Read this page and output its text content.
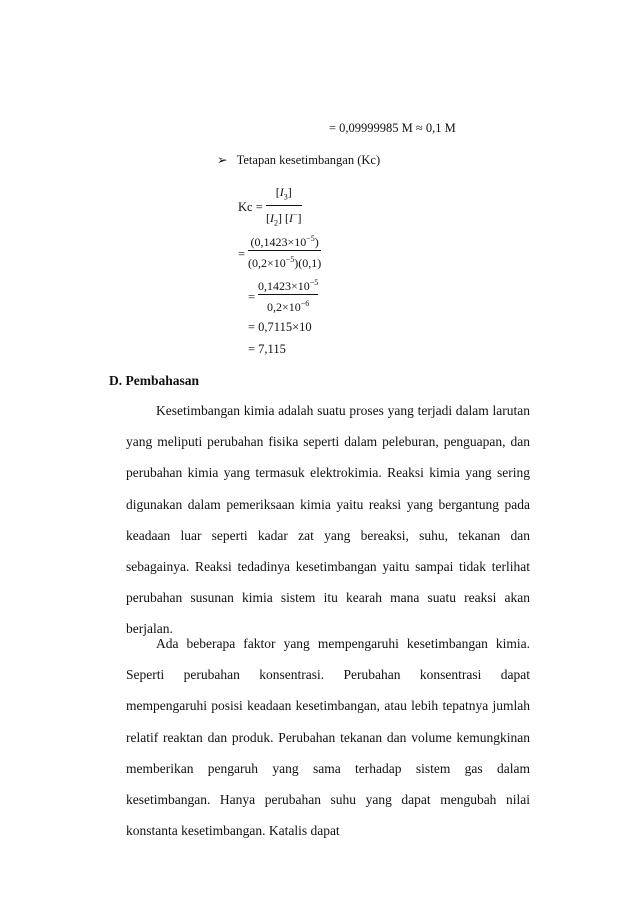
= 0,09999985 M ≈ 0,1 M
➢ Tetapan kesetimbangan (Kc)
Kc =
$[I_3]$
$[I_2]$ [I−]
=
$(0,1423\times 10^{-5})$
$(0,2\times 10^{-5})(0,1)$
=
$0,1423\times 10^{-5}$
$0,2\times 10^{-6}$
= 0,7115×10
= 7,115
D. Pembahasan
Kesetimbangan kimia adalah suatu proses yang terjadi dalam larutan yang meliputi perubahan fisika seperti dalam peleburan, penguapan, dan perubahan kimia yang termasuk elektrokimia. Reaksi kimia yang sering digunakan dalam pemeriksaan kimia yaitu reaksi yang bergantung pada keadaan luar seperti kadar zat yang bereaksi, suhu, tekanan dan sebagainya. Reaksi tedadinya kesetimbangan yaitu sampai tidak terlihat perubahan susunan kimia sistem itu kearah mana suatu reaksi akan berjalan.
Ada beberapa faktor yang mempengaruhi kesetimbangan kimia. Seperti perubahan konsentrasi. Perubahan konsentrasi dapat mempengaruhi posisi keadaan kesetimbangan, atau lebih tepatnya jumlah relatif reaktan dan produk. Perubahan tekanan dan volume kemungkinan memberikan pengaruh yang sama terhadap sistem gas dalam kesetimbangan. Hanya perubahan suhu yang dapat mengubah nilai konstanta kesetimbangan. Katalis dapat
